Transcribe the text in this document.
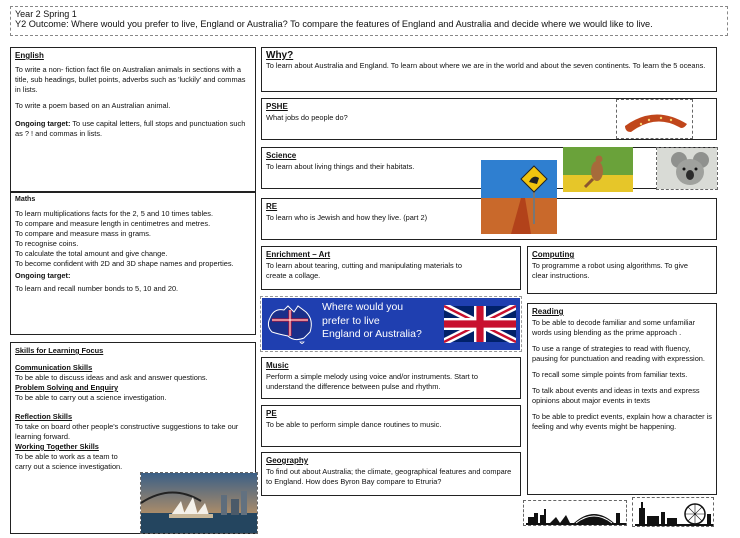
Year 2 Spring 1
Y2 Outcome: Where would you prefer to live, England or Australia? To compare the features of England and Australia and decide where we would like to live.
English

To write a non- fiction fact file on Australian animals in sections with a title, sub headings, bullet points, adverbs such as 'luckily' and commas in lists.

To write a poem based on an Australian animal.

Ongoing target: To use capital letters, full stops and punctuation such as ? ! and commas in lists.

Maths
To learn multiplications facts for the 2, 5 and 10 times tables.
To compare and measure length in centimetres and metres.
To compare and measure mass in grams.
To recognise coins.
To calculate the total amount and give change.
To become confident with 2D and 3D shape names and properties.
Ongoing target:
To learn and recall number bonds to 5, 10 and 20.
Skills for Learning Focus
Communication Skills
To be able to discuss ideas and ask and answer questions.
Problem Solving and Enquiry
To be able to carry out a science investigation.
Reflection Skills
To take on board other people's constructive suggestions to take our learning forward.
Working Together Skills
To be able to work as a team to carry out a science investigation.
Why?
To learn about Australia and England. To learn about where we are in the world and about the seven continents. To learn the 5 oceans.
PSHE
What jobs do people do?
Science
To learn about living things and their habitats.
RE
To learn who is Jewish and how they live. (part 2)
Enrichment – Art
To learn about tearing, cutting and manipulating materials to create a collage.
Computing
To programme a robot using algorithms. To give clear instructions.
Where would you
prefer to live
England or Australia?
Music
Perform a simple melody using voice and/or instruments. Start to understand the difference between pulse and rhythm.
PE
To be able to perform simple dance routines to music.
Geography
To find out about Australia; the climate, geographical features and compare to England. How does Byron Bay compare to Etruria?
Reading

To be able to decode familiar and some unfamiliar words using blending as the prime approach .

To use a range of strategies to read with fluency, pausing for punctuation and reading with expression.

To recall some simple points from familiar texts.

To talk about events and ideas in texts and express opinions about major events in texts

To be able to predict events, explain how a character is feeling and why events might be happening.
